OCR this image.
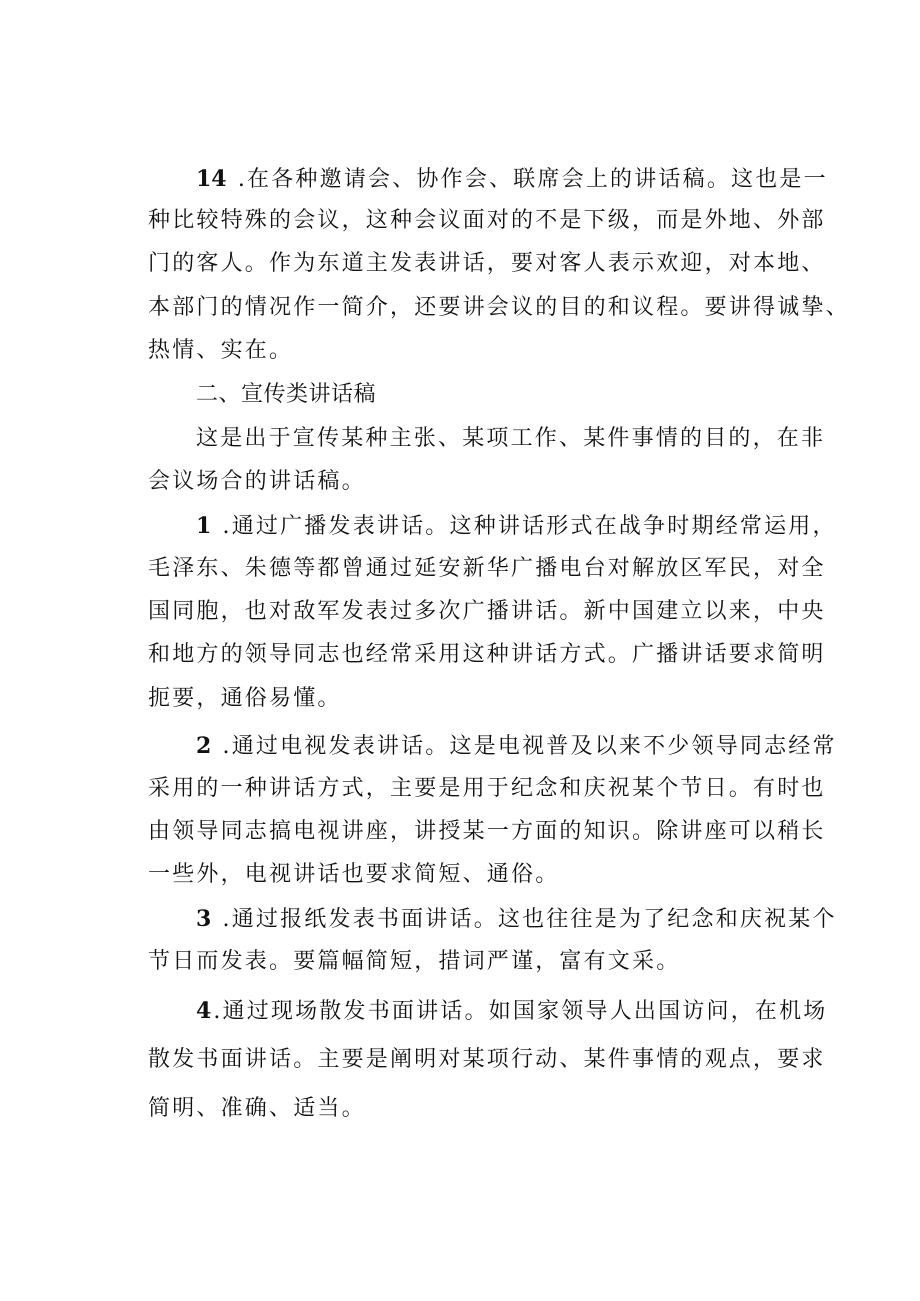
14 .在各种邀请会、协作会、联席会上的讲话稿。这也是一
种比较特殊的会议，这种会议面对的不是下级，而是外地、外部
门的客人。作为东道主发表讲话，要对客人表示欢迎，对本地、
本部门的情况作一简介，还要讲会议的目的和议程。要讲得诚挚、
热情、实在。
二、宣传类讲话稿
这是出于宣传某种主张、某项工作、某件事情的目的，在非
会议场合的讲话稿。
1 .通过广播发表讲话。这种讲话形式在战争时期经常运用，
毛泽东、朱德等都曾通过延安新华广播电台对解放区军民，对全
国同胞，也对敌军发表过多次广播讲话。新中国建立以来，中央
和地方的领导同志也经常采用这种讲话方式。广播讲话要求简明
扼要，通俗易懂。
2 .通过电视发表讲话。这是电视普及以来不少领导同志经常
采用的一种讲话方式，主要是用于纪念和庆祝某个节日。有时也
由领导同志搞电视讲座，讲授某一方面的知识。除讲座可以稍长
一些外，电视讲话也要求简短、通俗。
3 .通过报纸发表书面讲话。这也往往是为了纪念和庆祝某个
节日而发表。要篇幅简短，措词严谨，富有文采。
4.通过现场散发书面讲话。如国家领导人出国访问，在机场
散发书面讲话。主要是阐明对某项行动、某件事情的观点，要求
简明、准确、适当。
